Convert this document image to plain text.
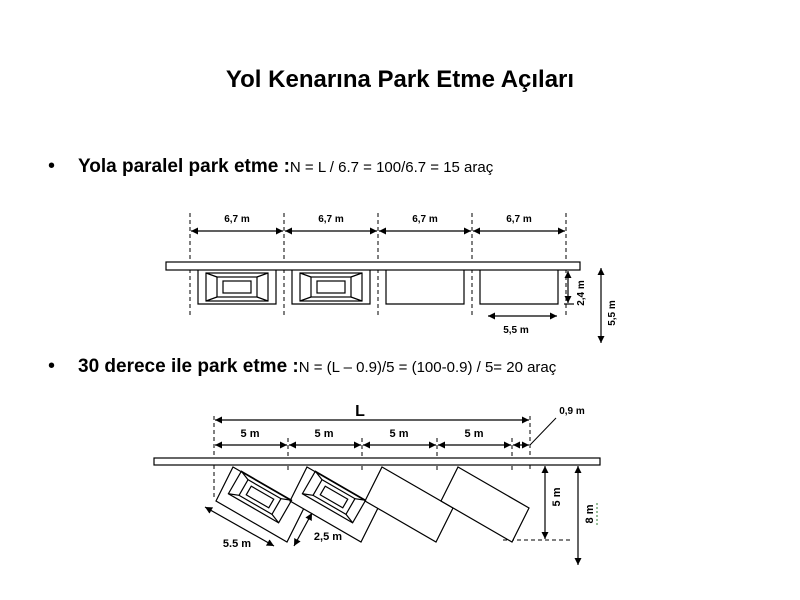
Yol Kenarına Park Etme Açıları
• Yola paralel park etme :N = L / 6.7 = 100/6.7 = 15 araç
• 30 derece ile park etme :N = (L – 0.9)/5 = (100-0.9) / 5= 20 araç
6,7 m	6,7 m	6,7 m	6,7 m
2,4 m
5,5 m
5,5 m
L	0,9 m
5 m	5 m	5 m	5 m
5.5 m
2,5 m
5 m
8 m
